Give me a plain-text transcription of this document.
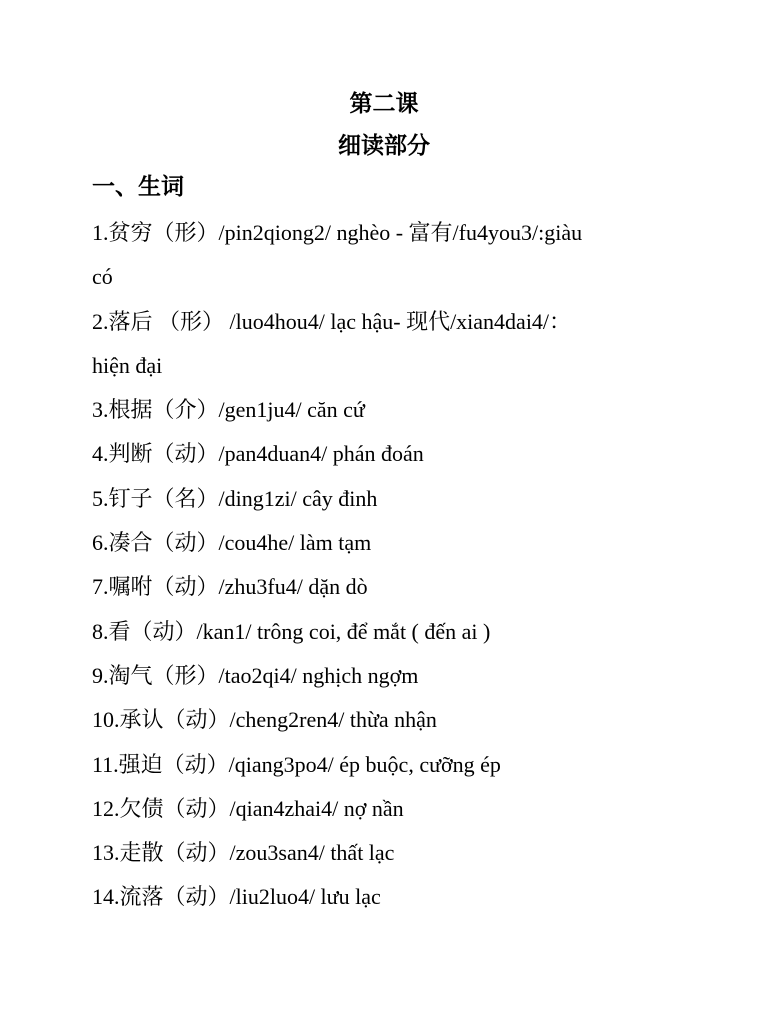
第二课
细读部分
一、生词
1.贫穷（形）/pin2qiong2/ nghèo - 富有/fu4you3/:giàu
có
2.落后 （形） /luo4hou4/ lạc hậu- 现代/xian4dai4/：
hiện đại
3.根据（介）/gen1ju4/ căn cứ
4.判断（动）/pan4duan4/ phán đoán
5.钉子（名）/ding1zi/ cây đinh
6.凑合（动）/cou4he/ làm tạm
7.嘱咐（动）/zhu3fu4/ dặn dò
8.看（动）/kan1/ trông coi, để mắt ( đến ai )
9.淘气（形）/tao2qi4/ nghịch ngợm
10.承认（动）/cheng2ren4/ thừa nhận
11.强迫（动）/qiang3po4/ ép buộc, cưỡng ép
12.欠债（动）/qian4zhai4/ nợ nần
13.走散（动）/zou3san4/ thất lạc
14.流落（动）/liu2luo4/ lưu lạc
